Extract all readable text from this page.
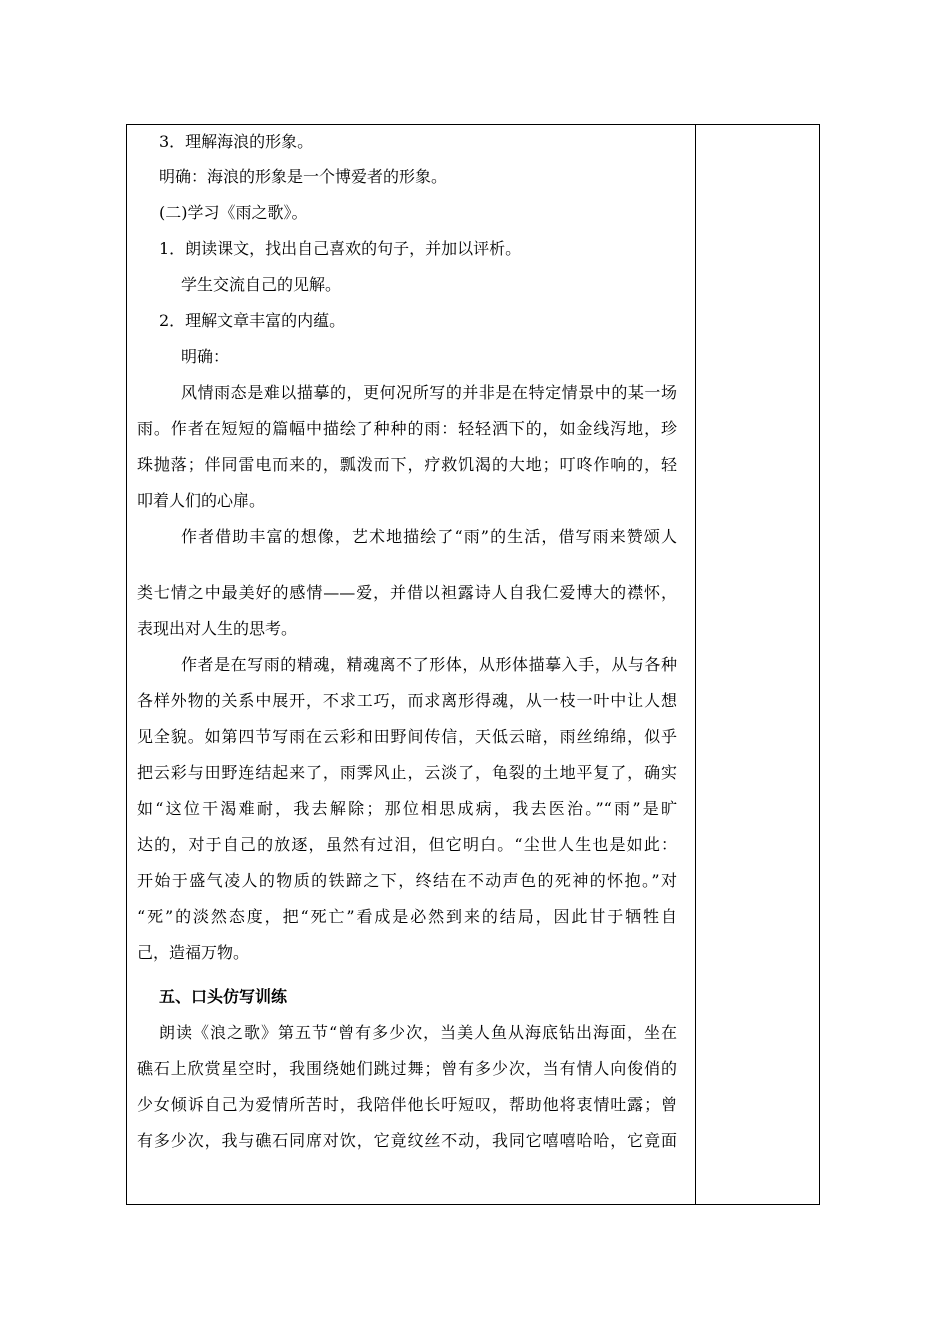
3．理解海浪的形象。
明确：海浪的形象是一个博爱者的形象。
(二)学习《雨之歌》。
1．朗读课文，找出自己喜欢的句子，并加以评析。
学生交流自己的见解。
2．理解文章丰富的内蕴。
明确：
风情雨态是难以描摹的，更何况所写的并非是在特定情景中的某一场
雨。作者在短短的篇幅中描绘了种种的雨：轻轻洒下的，如金线泻地，珍
珠抛落；伴同雷电而来的，瓢泼而下，疗救饥渴的大地；叮咚作响的，轻
叩着人们的心扉。
作者借助丰富的想像，艺术地描绘了“雨”的生活，借写雨来赞颂人
类七情之中最美好的感情——爱，并借以袒露诗人自我仁爱博大的襟怀，
表现出对人生的思考。
作者是在写雨的精魂，精魂离不了形体，从形体描摹入手，从与各种
各样外物的关系中展开，不求工巧，而求离形得魂，从一枝一叶中让人想
见全貌。如第四节写雨在云彩和田野间传信，天低云暗，雨丝绵绵，似乎
把云彩与田野连结起来了，雨霁风止，云淡了，龟裂的土地平复了，确实
如“这位干渴难耐，我去解除；那位相思成病，我去医治。”“雨”是旷
达的，对于自己的放逐，虽然有过泪，但它明白。“尘世人生也是如此：
开始于盛气凌人的物质的铁蹄之下，终结在不动声色的死神的怀抱。”对
“死”的淡然态度，把“死亡”看成是必然到来的结局，因此甘于牺牲自
己，造福万物。
五、口头仿写训练
朗读《浪之歌》第五节“曾有多少次，当美人鱼从海底钻出海面，坐在
礁石上欣赏星空时，我围绕她们跳过舞；曾有多少次，当有情人向俊俏的
少女倾诉自己为爱情所苦时，我陪伴他长吁短叹，帮助他将衷情吐露；曾
有多少次，我与礁石同席对饮，它竟纹丝不动，我同它嘻嘻哈哈，它竟面
